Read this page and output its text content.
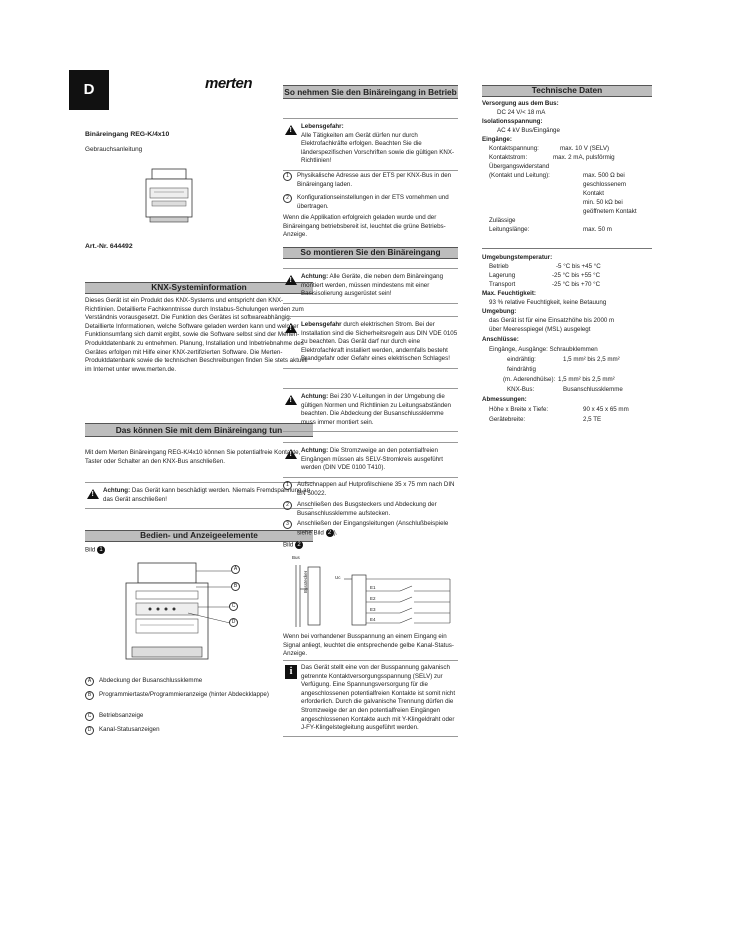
D	merten
Binäreingang REG-K/4x10
Gebrauchsanleitung
Art.-Nr. 644492
KNX-Systeminformation
Dieses Gerät ist ein Produkt des KNX-Systems und entspricht den KNX-Richtlinien. Detaillierte Fachkenntnisse durch Instabus-Schulungen werden zum Verständnis vorausgesetzt. Die Funktion des Gerätes ist softwareabhängig. Detaillierte Informationen, welche Software geladen werden kann und welcher Funktionsumfang sich damit ergibt, sowie die Software selbst sind der Merten-Produktdatenbank zu entnehmen. Planung, Installation und Inbetriebnahme des Gerätes erfolgen mit Hilfe einer KNX-zertifizierten Software. Die Merten-Produktdatenbank sowie die technischen Beschreibungen finden Sie stets aktuell im Internet unter www.merten.de.
Das können Sie mit dem Binäreingang tun
Mit dem Merten Binäreingang REG-K/4x10 können Sie potentialfreie Kontakte, Taster oder Schalter an den KNX-Bus anschließen.
!
Achtung: Das Gerät kann beschädigt werden. Niemals Fremdspannung an das Gerät anschließen!
Bedien- und Anzeigeelemente
Bild 1
A
B
C
D
A	Abdeckung der Busanschlussklemme
B	Programmiertaste/Programmieranzeige (hinter Abdeckklappe)
C	Betriebsanzeige
D	Kanal-Statusanzeigen
So nehmen Sie den Binäreingang in Betrieb
!
Lebensgefahr:
Alle Tätigkeiten am Gerät dürfen nur durch Elektrofachkräfte erfolgen. Beachten Sie die länderspezifischen Vorschriften sowie die gültigen KNX-Richtlinien!
1	Physikalische Adresse aus der ETS per KNX-Bus in den Binäreingang laden.
2	Konfigurationseinstellungen in der ETS vornehmen und übertragen.
Wenn die Applikation erfolgreich geladen wurde und der Binäreingang betriebsbereit ist, leuchtet die grüne Betriebs-Anzeige.
So montieren Sie den Binäreingang
!
Achtung: Alle Geräte, die neben dem Binäreingang montiert werden, müssen mindestens mit einer Basisisolierung ausgerüstet sein!
!
Lebensgefahr durch elektrischen Strom. Bei der Installation sind die Sicherheitsregeln aus DIN VDE 0105 zu beachten. Das Gerät darf nur durch eine Elektrofachkraft installiert werden, andernfalls besteht Brandgefahr oder Gefahr eines elektrischen Schlages!
!
Achtung: Bei 230 V-Leitungen in der Umgebung die gültigen Normen und Richtlinien zu Leitungsabständen beachten. Die Abdeckung der Busanschlussklemme muss immer montiert sein.
!
Achtung: Die Stromzweige an den potentialfreien Eingängen müssen als SELV-Stromkreis ausgeführt werden (DIN VDE 0100 T410).
1	Aufschnappen auf Hutprofilschiene 35 x 75 mm nach DIN EN 50022.
2	Anschließen des Busgsteckers und Abdeckung der Busanschlussklemme aufstecken.
3	Anschließen der Eingangsleitungen (Anschlußbeispiele siehe Bild 2 ).
Bild 2
Bus
Uc
Busstecker	E1
E2
E3
E4
Wenn bei vorhandener Busspannung an einem Eingang ein Signal anliegt, leuchtet die entsprechende gelbe Kanal-Status-Anzeige.
i	Das Gerät stellt eine von der Busspannung galvanisch getrennte Kontaktversorgungsspannung (SELV) zur Verfügung. Eine Spannungsversorgung für die angeschlossenen potentialfreien Kontakte ist somit nicht erforderlich. Durch die galvanische Trennung dürfen die Stromzweige der an den potentialfreien Eingängen angeschlossenen Kontakte auch mit Y-Klingeldraht oder J-FY-Klingelstegleitung ausgeführt werden.
Technische Daten
Versorgung aus dem Bus:
DC 24 V/< 18 mA
Isolationsspannung:
AC 4 kV Bus/Eingänge
Eingänge:
Kontaktspannung:	max. 10 V (SELV)
Kontaktstrom:	max. 2 mA, pulsförmig
Übergangswiderstand
(Kontakt und Leitung):	max. 500 Ω bei
geschlossenem
Kontakt
min. 50 kΩ bei
geöffnetem Kontakt
Zulässige
Leitungslänge:	max. 50 m
Umgebungstemperatur:
Betrieb	-5 °C bis +45 °C
Lagerung	-25 °C bis +55 °C
Transport	-25 °C bis +70 °C
Max. Feuchtigkeit:
93 % relative Feuchtigkeit, keine Betauung
Umgebung:
das Gerät ist für eine Einsatzhöhe bis 2000 m
über Meeresspiegel (MSL) ausgelegt
Anschlüsse:
Eingänge, Ausgänge: Schraubklemmen
eindrähtig:	1,5 mm² bis 2,5 mm²
feindrähtig
(m. Aderendhülse): 1,5 mm² bis 2,5 mm²
KNX-Bus:	Busanschlussklemme
Abmessungen:
Höhe x Breite x Tiefe:	90 x 45 x 65 mm
Gerätebreite:	2,5 TE
